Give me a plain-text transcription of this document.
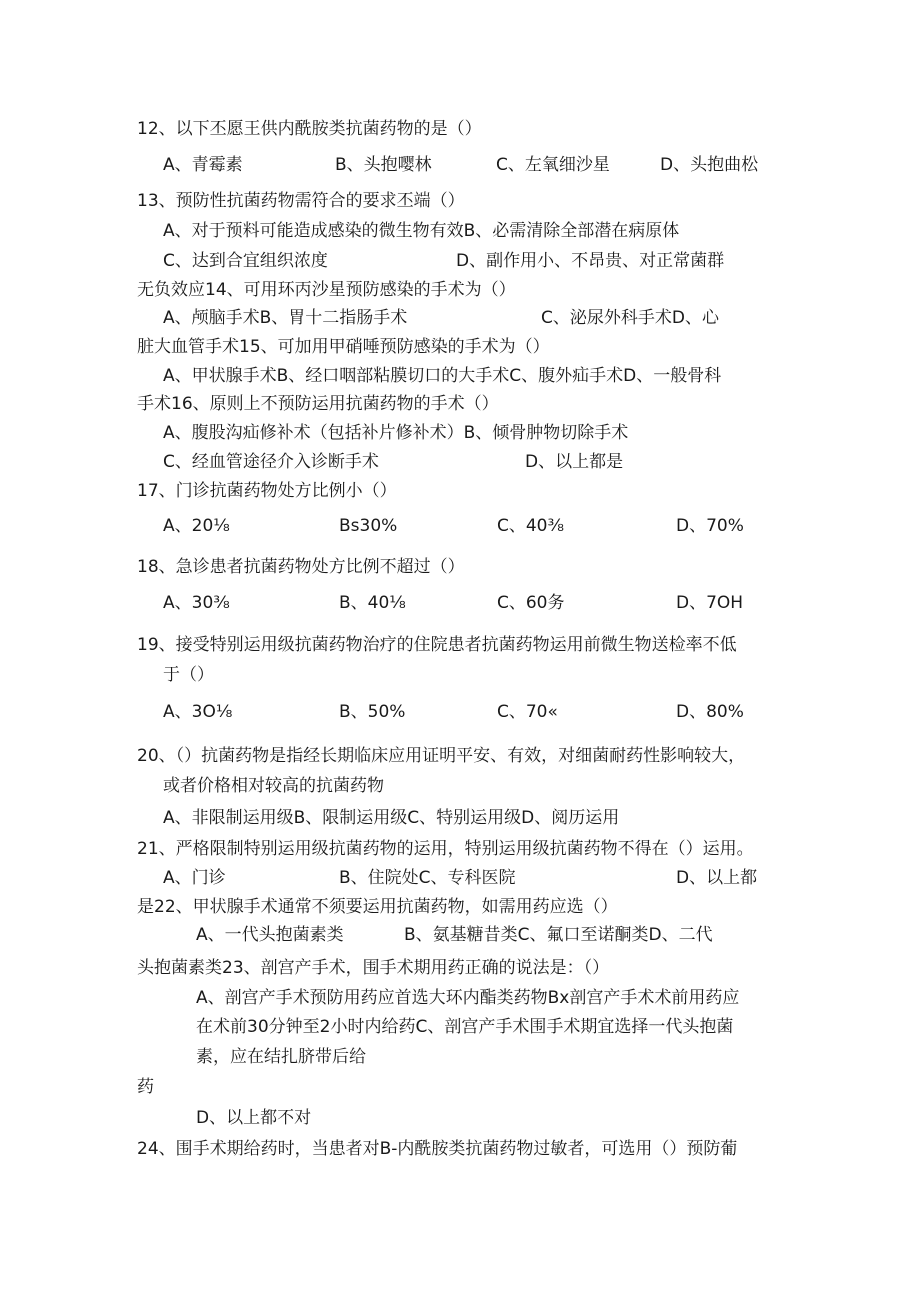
12、以下丕愿王供内酰胺类抗菌药物的是（）
A、青霉素	B、头抱嘤林	C、左氧细沙星	D、头抱曲松
13、预防性抗菌药物需符合的要求丕端（）
A、对于预料可能造成感染的微生物有效B、必需清除全部潜在病原体
C、达到合宜组织浓度	D、副作用小、不昂贵、对正常菌群
无负效应14、可用环丙沙星预防感染的手术为（）
A、颅脑手术B、胃十二指肠手术	C、泌尿外科手术D、心
脏大血管手术15、可加用甲硝唾预防感染的手术为（）
A、甲状腺手术B、经口咽部粘膜切口的大手术C、腹外疝手术D、一般骨科
手术16、原则上不预防运用抗菌药物的手术（）
A、腹股沟疝修补术（包括补片修补术）B、倾骨肿物切除手术
C、经血管途径介入诊断手术	D、以上都是
17、门诊抗菌药物处方比例小（）
A、20⅛	Bs30%	C、40⅜	D、70%
18、急诊患者抗菌药物处方比例不超过（）
A、30⅜	B、40⅛	C、60务	D、7OH
19、接受特别运用级抗菌药物治疗的住院患者抗菌药物运用前微生物送检率不低
于（）
A、3O⅛	B、50%	C、70«	D、80%
20、（）抗菌药物是指经长期临床应用证明平安、有效，对细菌耐药性影响较大，
或者价格相对较高的抗菌药物
A、非限制运用级B、限制运用级C、特别运用级D、阅历运用
21、严格限制特别运用级抗菌药物的运用，特别运用级抗菌药物不得在（）运用。
A、门诊	B、住院处C、专科医院	D、以上都
是22、甲状腺手术通常不须要运用抗菌药物，如需用药应选（）
A、一代头抱菌素类	B、氨基糖昔类C、氟口至诺酮类D、二代
头抱菌素类23、剖宫产手术，围手术期用药正确的说法是：（）
A、剖宫产手术预防用药应首选大环内酯类药物Bx剖宫产手术术前用药应
在术前30分钟至2小时内给药C、剖宫产手术围手术期宜选择一代头抱菌
素，应在结扎脐带后给
药
D、以上都不对
24、围手术期给药时，当患者对B-内酰胺类抗菌药物过敏者，可选用（）预防葡
